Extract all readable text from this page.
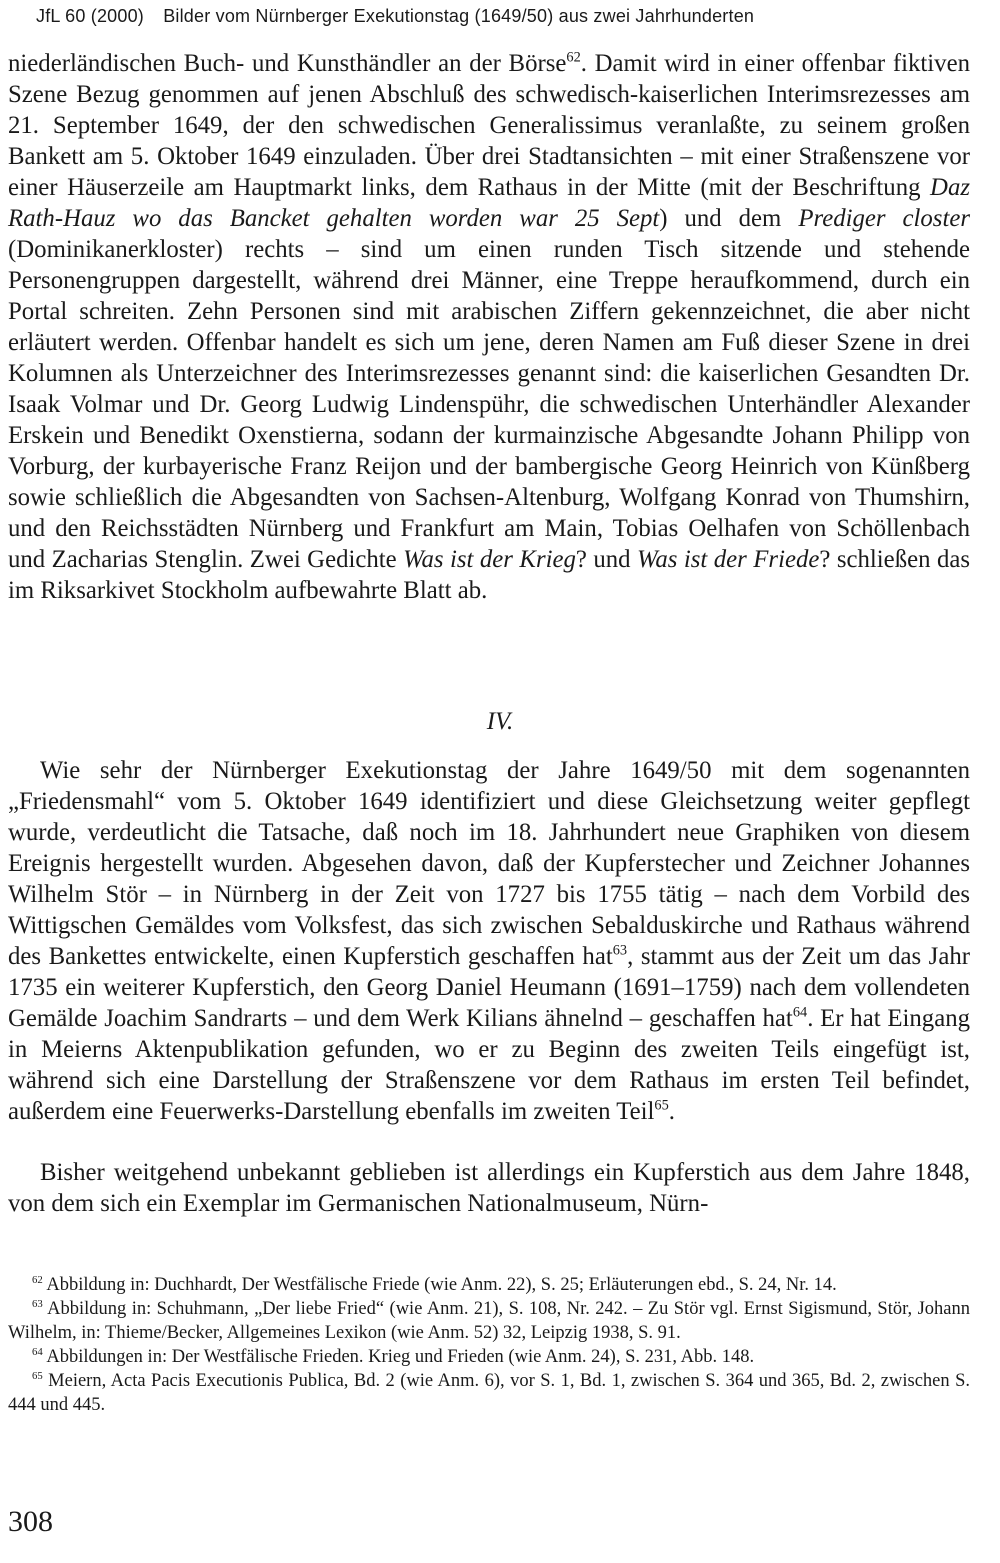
JfL 60 (2000) Bilder vom Nürnberger Exekutionstag (1649/50) aus zwei Jahrhunderten

niederländischen Buch- und Kunsthändler an der Börse$^{62}$. Damit wird in einer offenbar fiktiven Szene Bezug genommen auf jenen Abschluß des schwedisch-kaiserlichen Interimsrezesses am 21. September 1649, der den schwedischen Generalissimus veranlaßte, zu seinem großen Bankett am 5. Oktober 1649 einzuladen. Über drei Stadtansichten – mit einer Straßenszene vor einer Häuserzeile am Hauptmarkt links, dem Rathaus in der Mitte (mit der Beschriftung Daz Rath-Hauz wo das Bancket gehalten worden war 25 Sept) und dem Prediger closter (Dominikanerkloster) rechts – sind um einen runden Tisch sitzende und stehende Personengruppen dargestellt, während drei Männer, eine Treppe heraufkommend, durch ein Portal schreiten. Zehn Personen sind mit arabischen Ziffern gekennzeichnet, die aber nicht erläutert werden. Offenbar handelt es sich um jene, deren Namen am Fuß dieser Szene in drei Kolumnen als Unterzeichner des Interimsrezesses genannt sind: die kaiserlichen Gesandten Dr. Isaak Volmar und Dr. Georg Ludwig Lindenspühr, die schwedischen Unterhändler Alexander Erskein und Benedikt Oxenstierna, sodann der kurmainzische Abgesandte Johann Philipp von Vorburg, der kurbayerische Franz Reijon und der bambergische Georg Heinrich von Künßberg sowie schließlich die Abgesandten von Sachsen-Altenburg, Wolfgang Konrad von Thumshirn, und den Reichsstädten Nürnberg und Frankfurt am Main, Tobias Oelhafen von Schöllenbach und Zacharias Stenglin. Zwei Gedichte Was ist der Krieg? und Was ist der Friede? schließen das im Riksarkivet Stockholm aufbewahrte Blatt ab.

IV.

Wie sehr der Nürnberger Exekutionstag der Jahre 1649/50 mit dem sogenannten „Friedensmahl“ vom 5. Oktober 1649 identifiziert und diese Gleichsetzung weiter gepflegt wurde, verdeutlicht die Tatsache, daß noch im 18. Jahrhundert neue Graphiken von diesem Ereignis hergestellt wurden. Abgesehen davon, daß der Kupferstecher und Zeichner Johannes Wilhelm Stör – in Nürnberg in der Zeit von 1727 bis 1755 tätig – nach dem Vorbild des Wittigschen Gemäldes vom Volksfest, das sich zwischen Sebalduskirche und Rathaus während des Bankettes entwickelte, einen Kupferstich geschaffen hat$^{63}$, stammt aus der Zeit um das Jahr 1735 ein weiterer Kupferstich, den Georg Daniel Heumann (1691–1759) nach dem vollendeten Gemälde Joachim Sandrarts – und dem Werk Kilians ähnelnd – geschaffen hat$^{64}$. Er hat Eingang in Meierns Aktenpublikation gefunden, wo er zu Beginn des zweiten Teils eingefügt ist, während sich eine Darstellung der Straßenszene vor dem Rathaus im ersten Teil befindet, außerdem eine Feuerwerks-Darstellung ebenfalls im zweiten Teil$^{65}$.

Bisher weitgehend unbekannt geblieben ist allerdings ein Kupferstich aus dem Jahre 1848, von dem sich ein Exemplar im Germanischen Nationalmuseum, Nürn-

$^{62}$ Abbildung in: Duchhardt, Der Westfälische Friede (wie Anm. 22), S. 25; Erläuterungen ebd., S. 24, Nr. 14.

$^{63}$ Abbildung in: Schuhmann, „Der liebe Fried“ (wie Anm. 21), S. 108, Nr. 242. – Zu Stör vgl. Ernst Sigismund, Stör, Johann Wilhelm, in: Thieme/Becker, Allgemeines Lexikon (wie Anm. 52) 32, Leipzig 1938, S. 91.

$^{64}$ Abbildungen in: Der Westfälische Frieden. Krieg und Frieden (wie Anm. 24), S. 231, Abb. 148.

$^{65}$ Meiern, Acta Pacis Executionis Publica, Bd. 2 (wie Anm. 6), vor S. 1, Bd. 1, zwischen S. 364 und 365, Bd. 2, zwischen S. 444 und 445.

308
